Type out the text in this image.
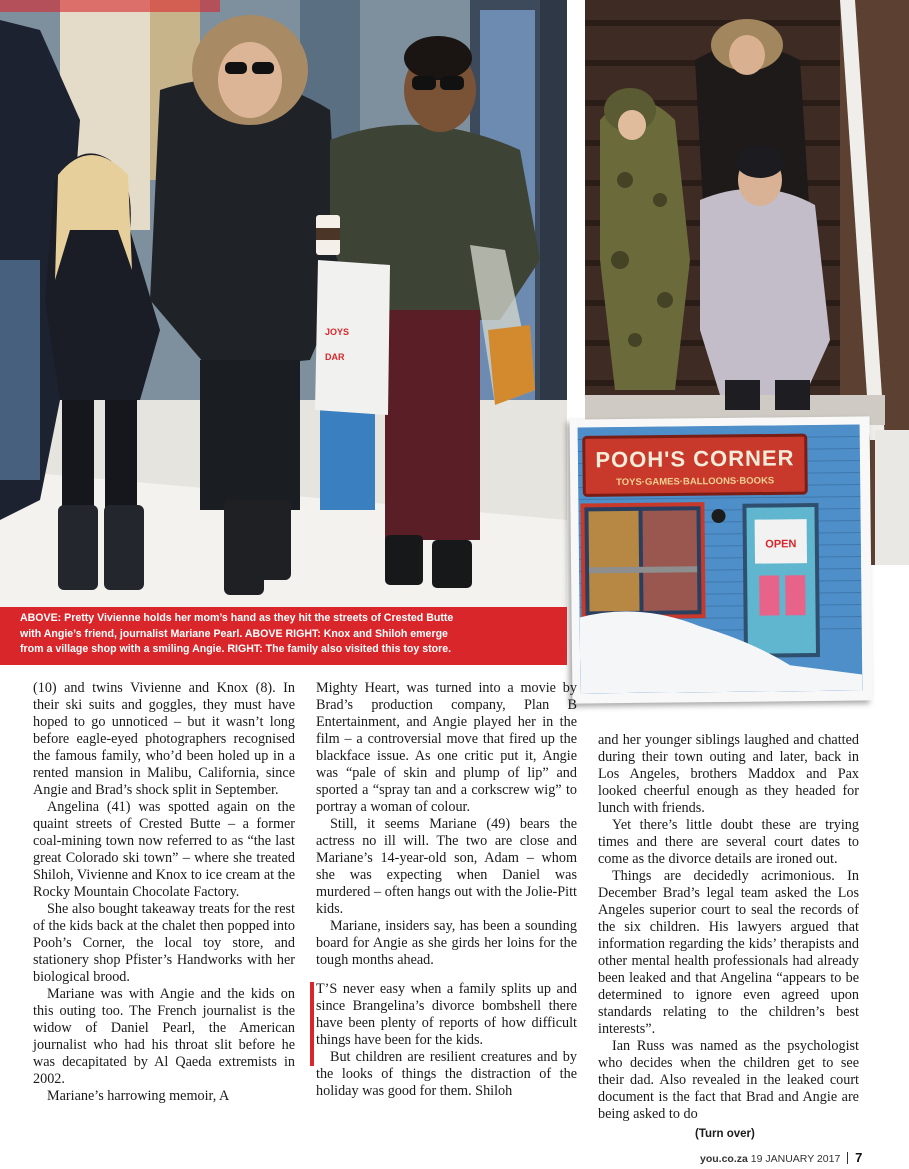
JOYS
DAR
POOH'S CORNER
TOYS·GAMES·BALLOONS·BOOKS
OPEN
ABOVE: Pretty Vivienne holds her mom’s hand as they hit the streets of Crested Butte
with Angie’s friend, journalist Mariane Pearl. ABOVE RIGHT: Knox and Shiloh emerge
from a village shop with a smiling Angie. RIGHT: The family also visited this toy store.

(10) and twins Vivienne and Knox (8). In their ski suits and goggles, they must have hoped to go unnoticed – but it wasn’t long before eagle-eyed photographers recognised the famous family, who’d been holed up in a rented mansion in Malibu, California, since Angie and Brad’s shock split in September.

Angelina (41) was spotted again on the quaint streets of Crested Butte – a former coal-mining town now referred to as “the last great Colorado ski town” – where she treated Shiloh, Vivienne and Knox to ice cream at the Rocky Mountain Chocolate Factory.

She also bought takeaway treats for the rest of the kids back at the chalet then popped into Pooh’s Corner, the local toy store, and stationery shop Pfister’s Handworks with her biological brood.

Mariane was with Angie and the kids on this outing too. The French journalist is the widow of Daniel Pearl, the American journalist who had his throat slit before he was decapitated by Al Qaeda extremists in 2002.

Mariane’s harrowing memoir, A

Mighty Heart, was turned into a movie by Brad’s production company, Plan B Entertainment, and Angie played her in the film – a controversial move that fired up the blackface issue. As one critic put it, Angie was “pale of skin and plump of lip” and sported a “spray tan and a corkscrew wig” to portray a woman of colour.

Still, it seems Mariane (49) bears the actress no ill will. The two are close and Mariane’s 14-year-old son, Adam – whom she was expecting when Daniel was murdered – often hangs out with the Jolie-Pitt kids.

Mariane, insiders say, has been a sounding board for Angie as she girds her loins for the tough months ahead.

T’S never easy when a family splits up and since Brangelina’s divorce bombshell there have been plenty of reports of how difficult things have been for the kids.

But children are resilient creatures and by the looks of things the distraction of the holiday was good for them. Shiloh

and her younger siblings laughed and chatted during their town outing and later, back in Los Angeles, brothers Maddox and Pax looked cheerful enough as they headed for lunch with friends.

Yet there’s little doubt these are trying times and there are several court dates to come as the divorce details are ironed out.

Things are decidedly acrimonious. In December Brad’s legal team asked the Los Angeles superior court to seal the records of the six children. His lawyers argued that information regarding the kids’ therapists and other mental health professionals had already been leaked and that Angelina “appears to be determined to ignore even agreed upon standards relating to the children’s best interests”.

Ian Russ was named as the psychologist who decides when the children get to see their dad. Also revealed in the leaked court document is the fact that Brad and Angie are being asked to do

(Turn over)
you.co.za 19 JANUARY 2017 7
